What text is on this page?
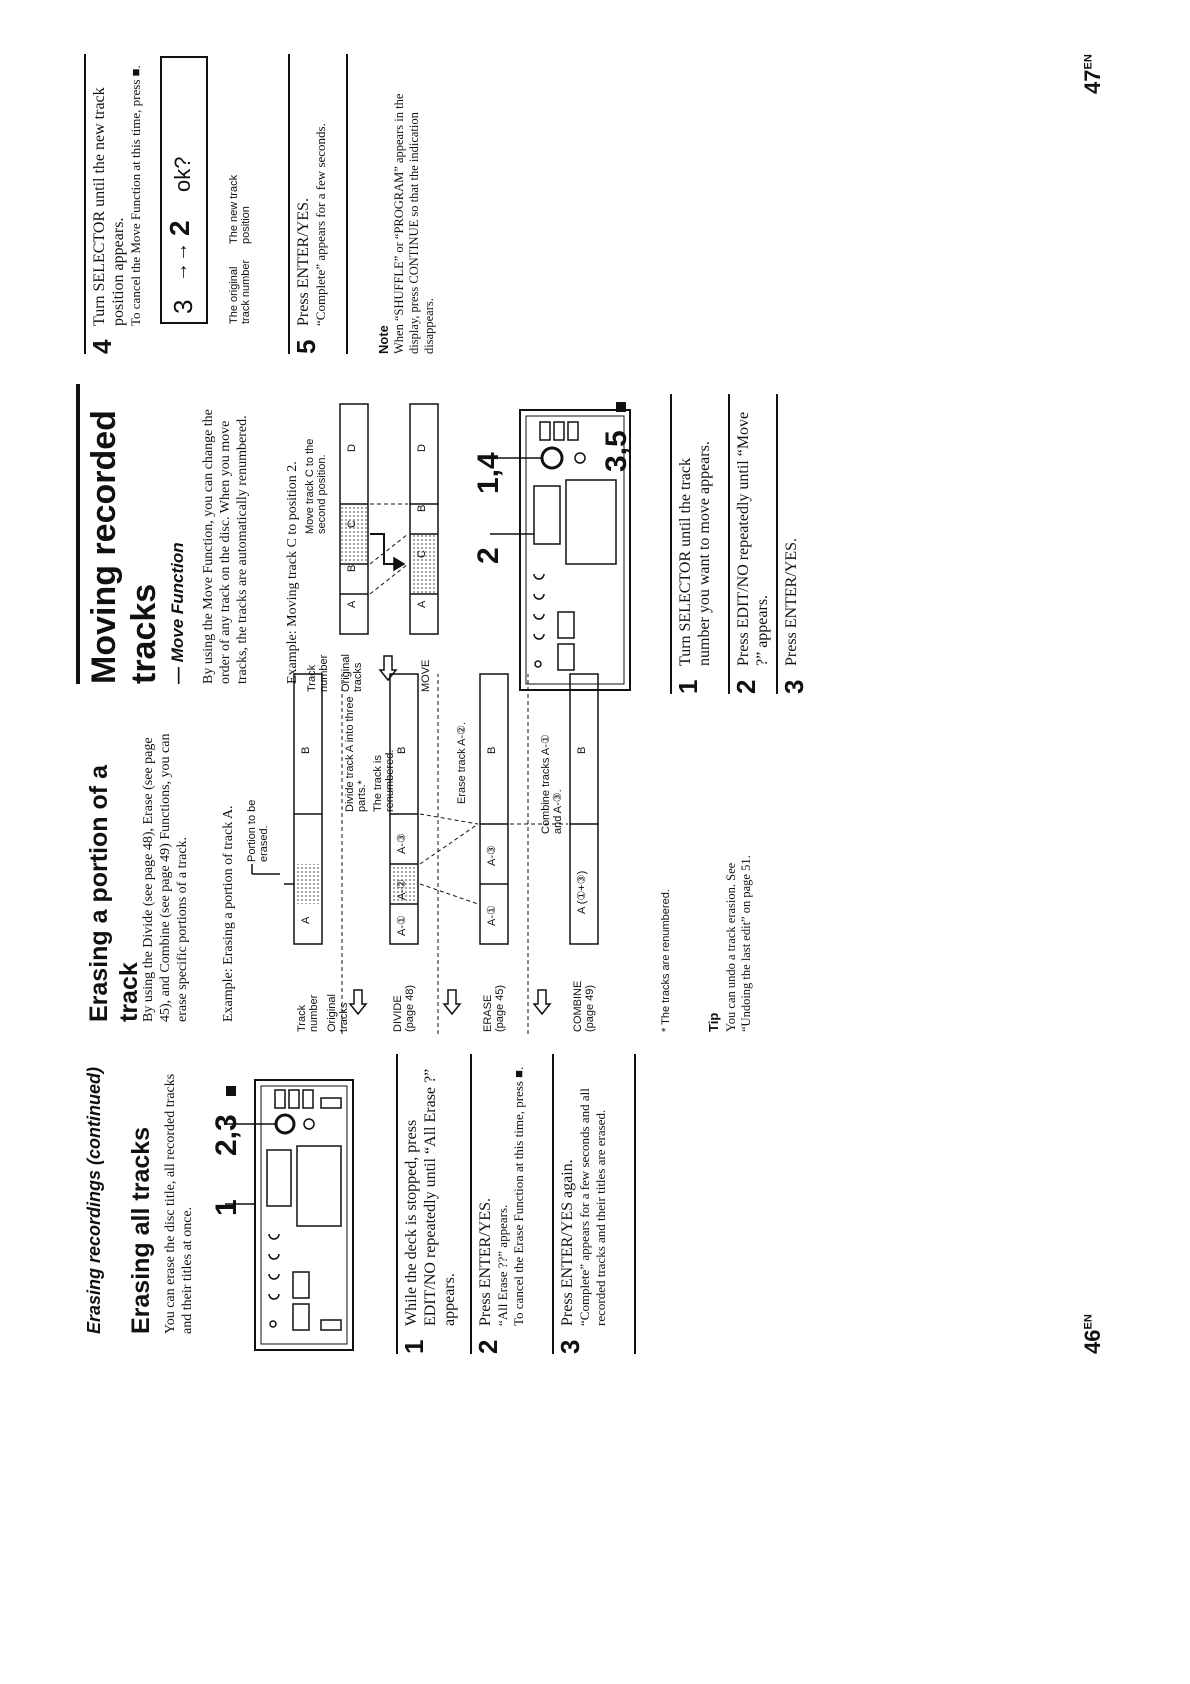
Erasing recordings (continued) Erasing all tracks You can erase the disc title, all recorded tracks and their titles at once. 1
2,3
1
While the deck is stopped, press EDIT/NO repeatedly until “All Erase ?” appears.
2
Press ENTER/YES. “All Erase ??” appears. To cancel the Erase Function at this time, press ■.
3
Press ENTER/YES again. “Complete” appears for a few seconds and all recorded tracks and their titles are erased.
Erasing a portion of a track
By using the Divide (see page 48), Erase (see page 45), and Combine (see page 49) Functions, you can erase specific portions of a track. Example: Erasing a portion of track A.	Track number Original tracks
Portion to be erased.
A
B
DIVIDE (page 48)
A-①
A-②
A-③
B
Divide track A into three parts.* The track is renumbered.
ERASE (page 45)
A-①
A-③
B
Erase track A-②.
COMBINE (page 49)
A (①+③)
B
Combine tracks A-① and A-③.
* The tracks are renumbered.	Tip You can undo a track erasion. See “Undoing the last edit” on page 51.
$46^{EN}$
Moving recorded tracks — Move Function By using the Move Function, you can change the order of any track on the disc. When you move tracks, the tracks are automatically renumbered.	Example: Moving track C to position 2. Track number Original tracks	MOVE
Move track C to the second position.
A
B
C
D
A
C
B
D
2
1,4
3,5
1
Turn SELECTOR until the track number you want to move appears.
2
Press EDIT/NO repeatedly until “Move ?” appears.
3
Press ENTER/YES.
4
Turn SELECTOR until the new track position appears. To cancel the Move Function at this time, press ■. 3
→→
2
ok?
The original track number
The new track position
5
Press ENTER/YES. “Complete” appears for a few seconds.
Note When “SHUFFLE” or “PROGRAM” appears in the display, press CONTINUE so that the indication disappears.
$47^{EN}$
